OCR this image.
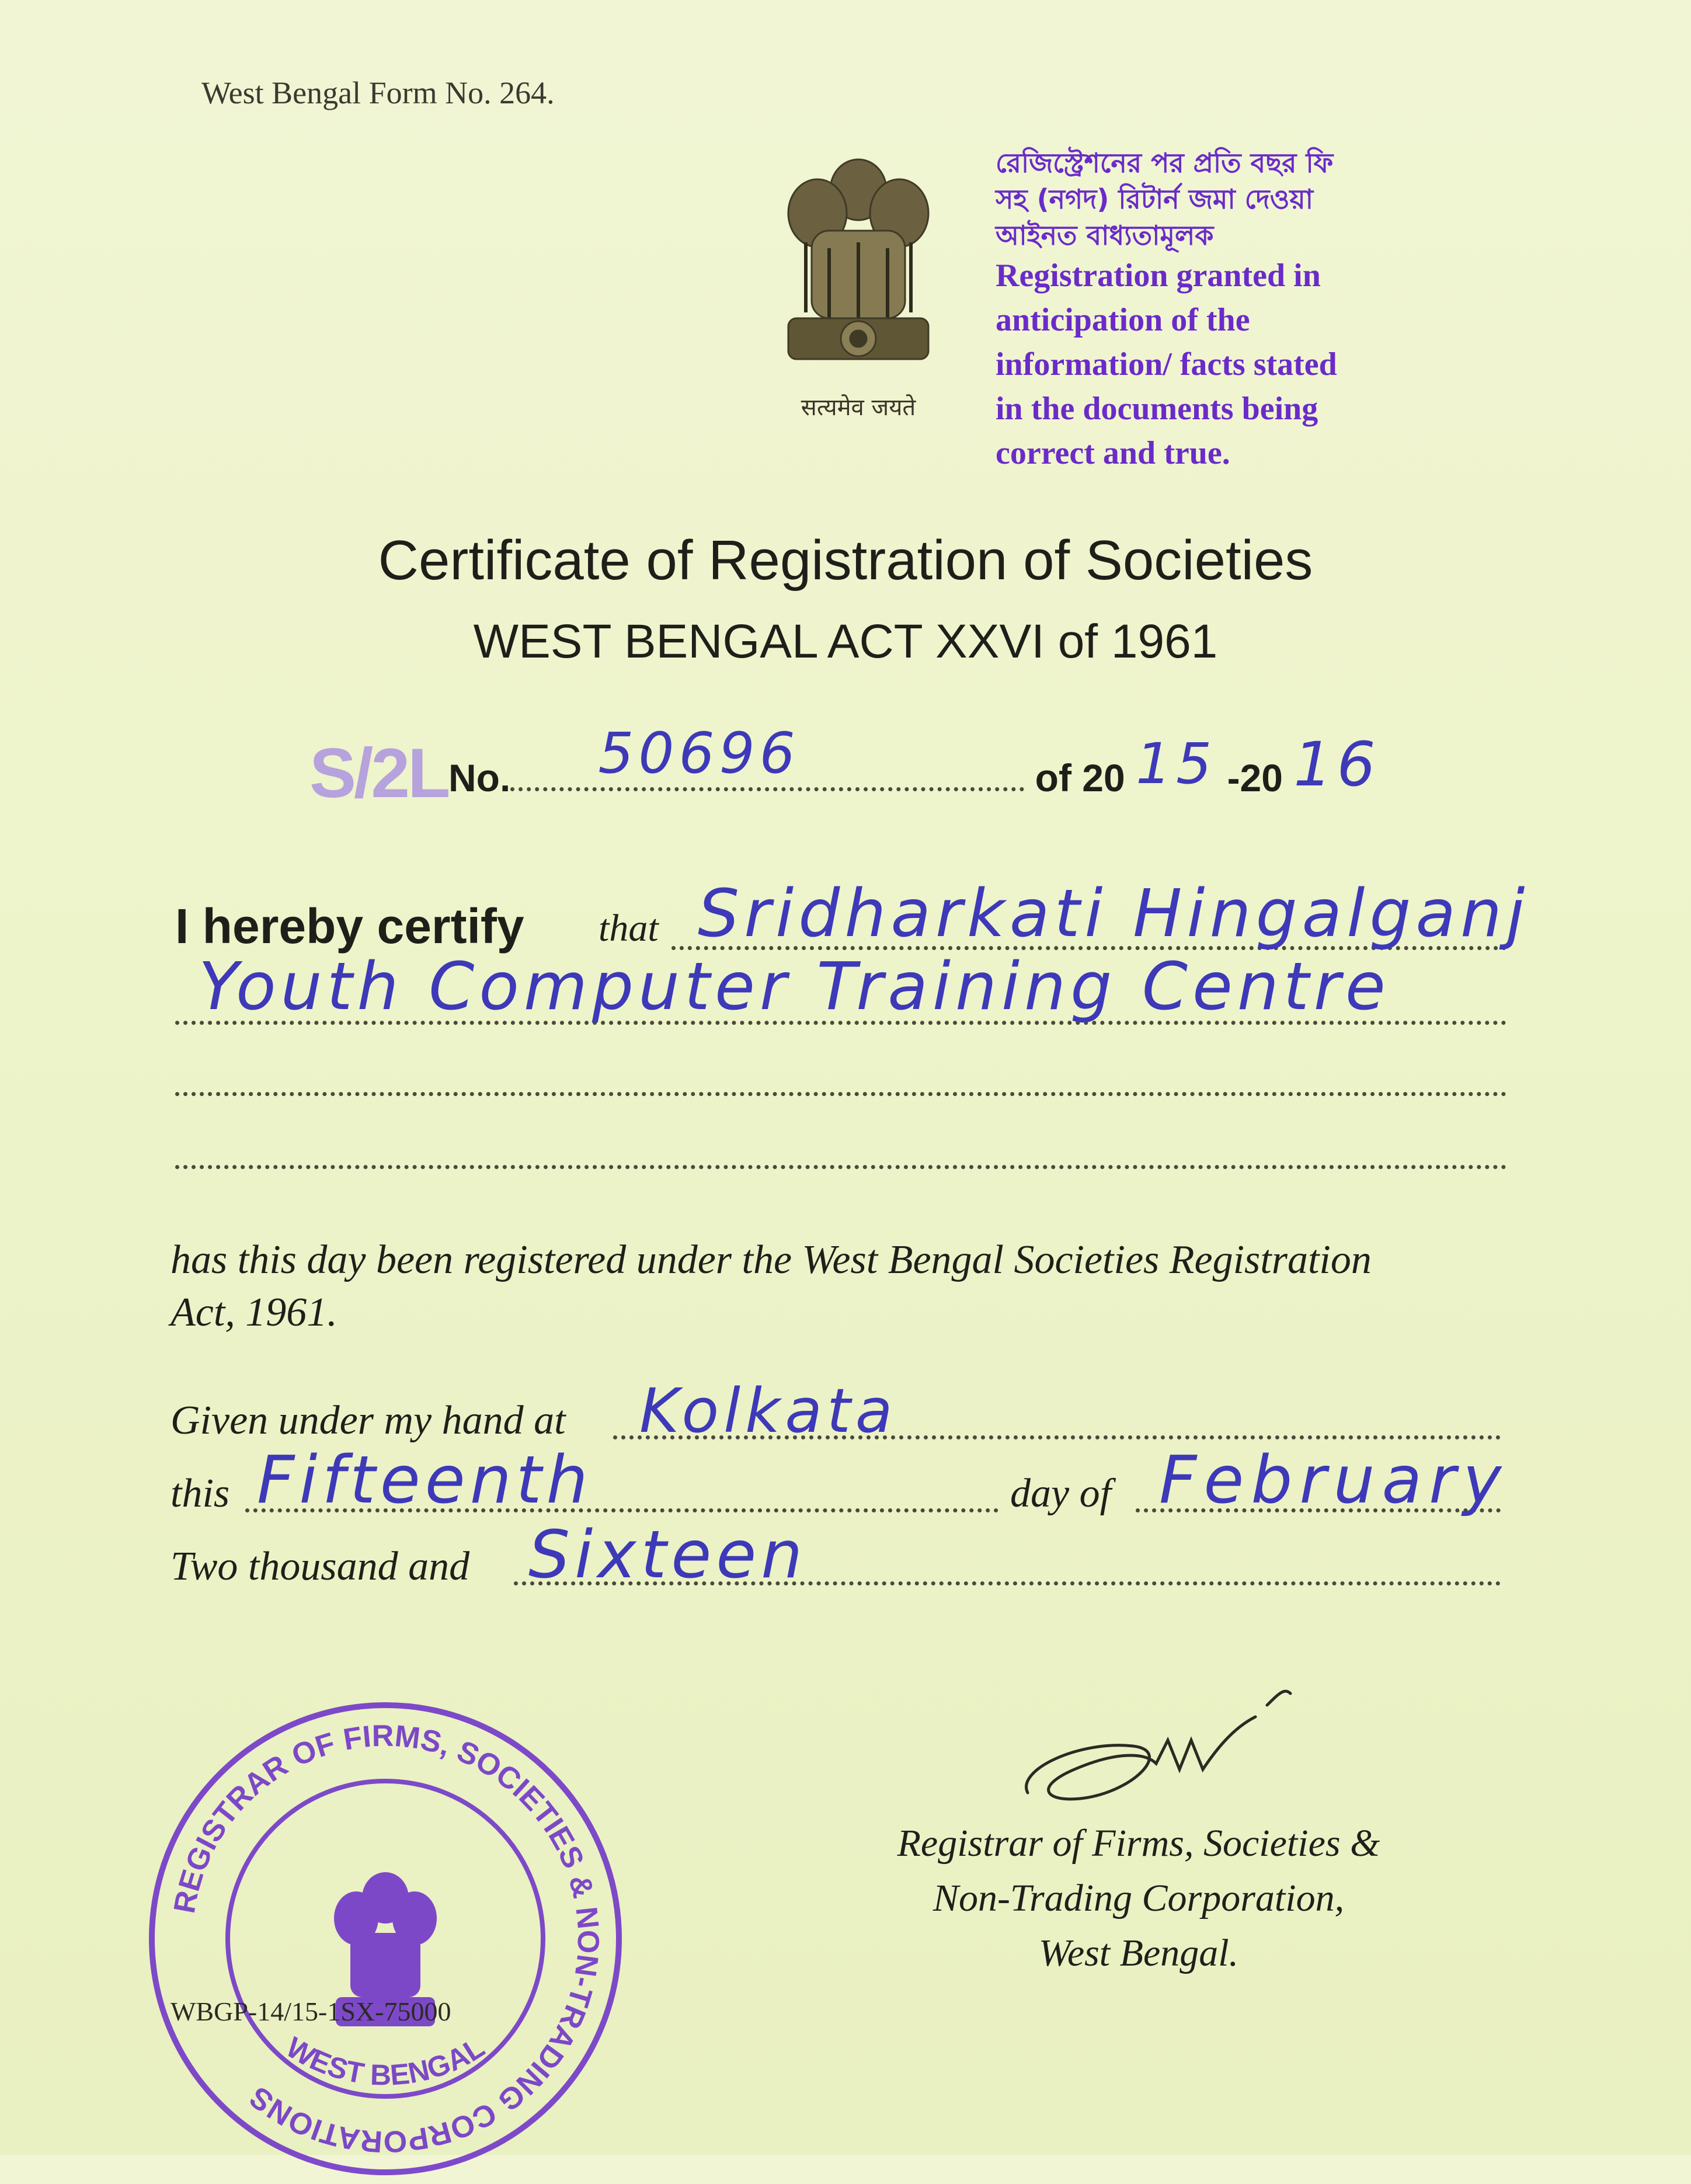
West Bengal Form No. 264.
सत्यमेव जयते
রেজিস্ট্রেশনের পর প্রতি বছর ফি
সহ (নগদ) রিটার্ন জমা দেওয়া
আইনত বাধ্যতামূলক
Registration granted in
anticipation of the
information/ facts stated
in the documents being
correct and true.
Certificate of Registration of Societies
WEST BENGAL ACT XXVI of 1961
S/2L No. 50696	of 20 15 -20 16
I hereby certify that Sridharkati Hingalganj
Youth Computer Training Centre
has this day been registered under the West Bengal Societies Registration
Act, 1961.
Given under my hand at Kolkata
this Fifteenth	day of February
Two thousand and Sixteen
Registrar of Firms, Societies &
Non-Trading Corporation,
West Bengal.
REGISTRAR OF FIRMS, SOCIETIES & NON-TRADING CORPORATIONS
WEST BENGAL
WBGP-14/15-1SX-75000
